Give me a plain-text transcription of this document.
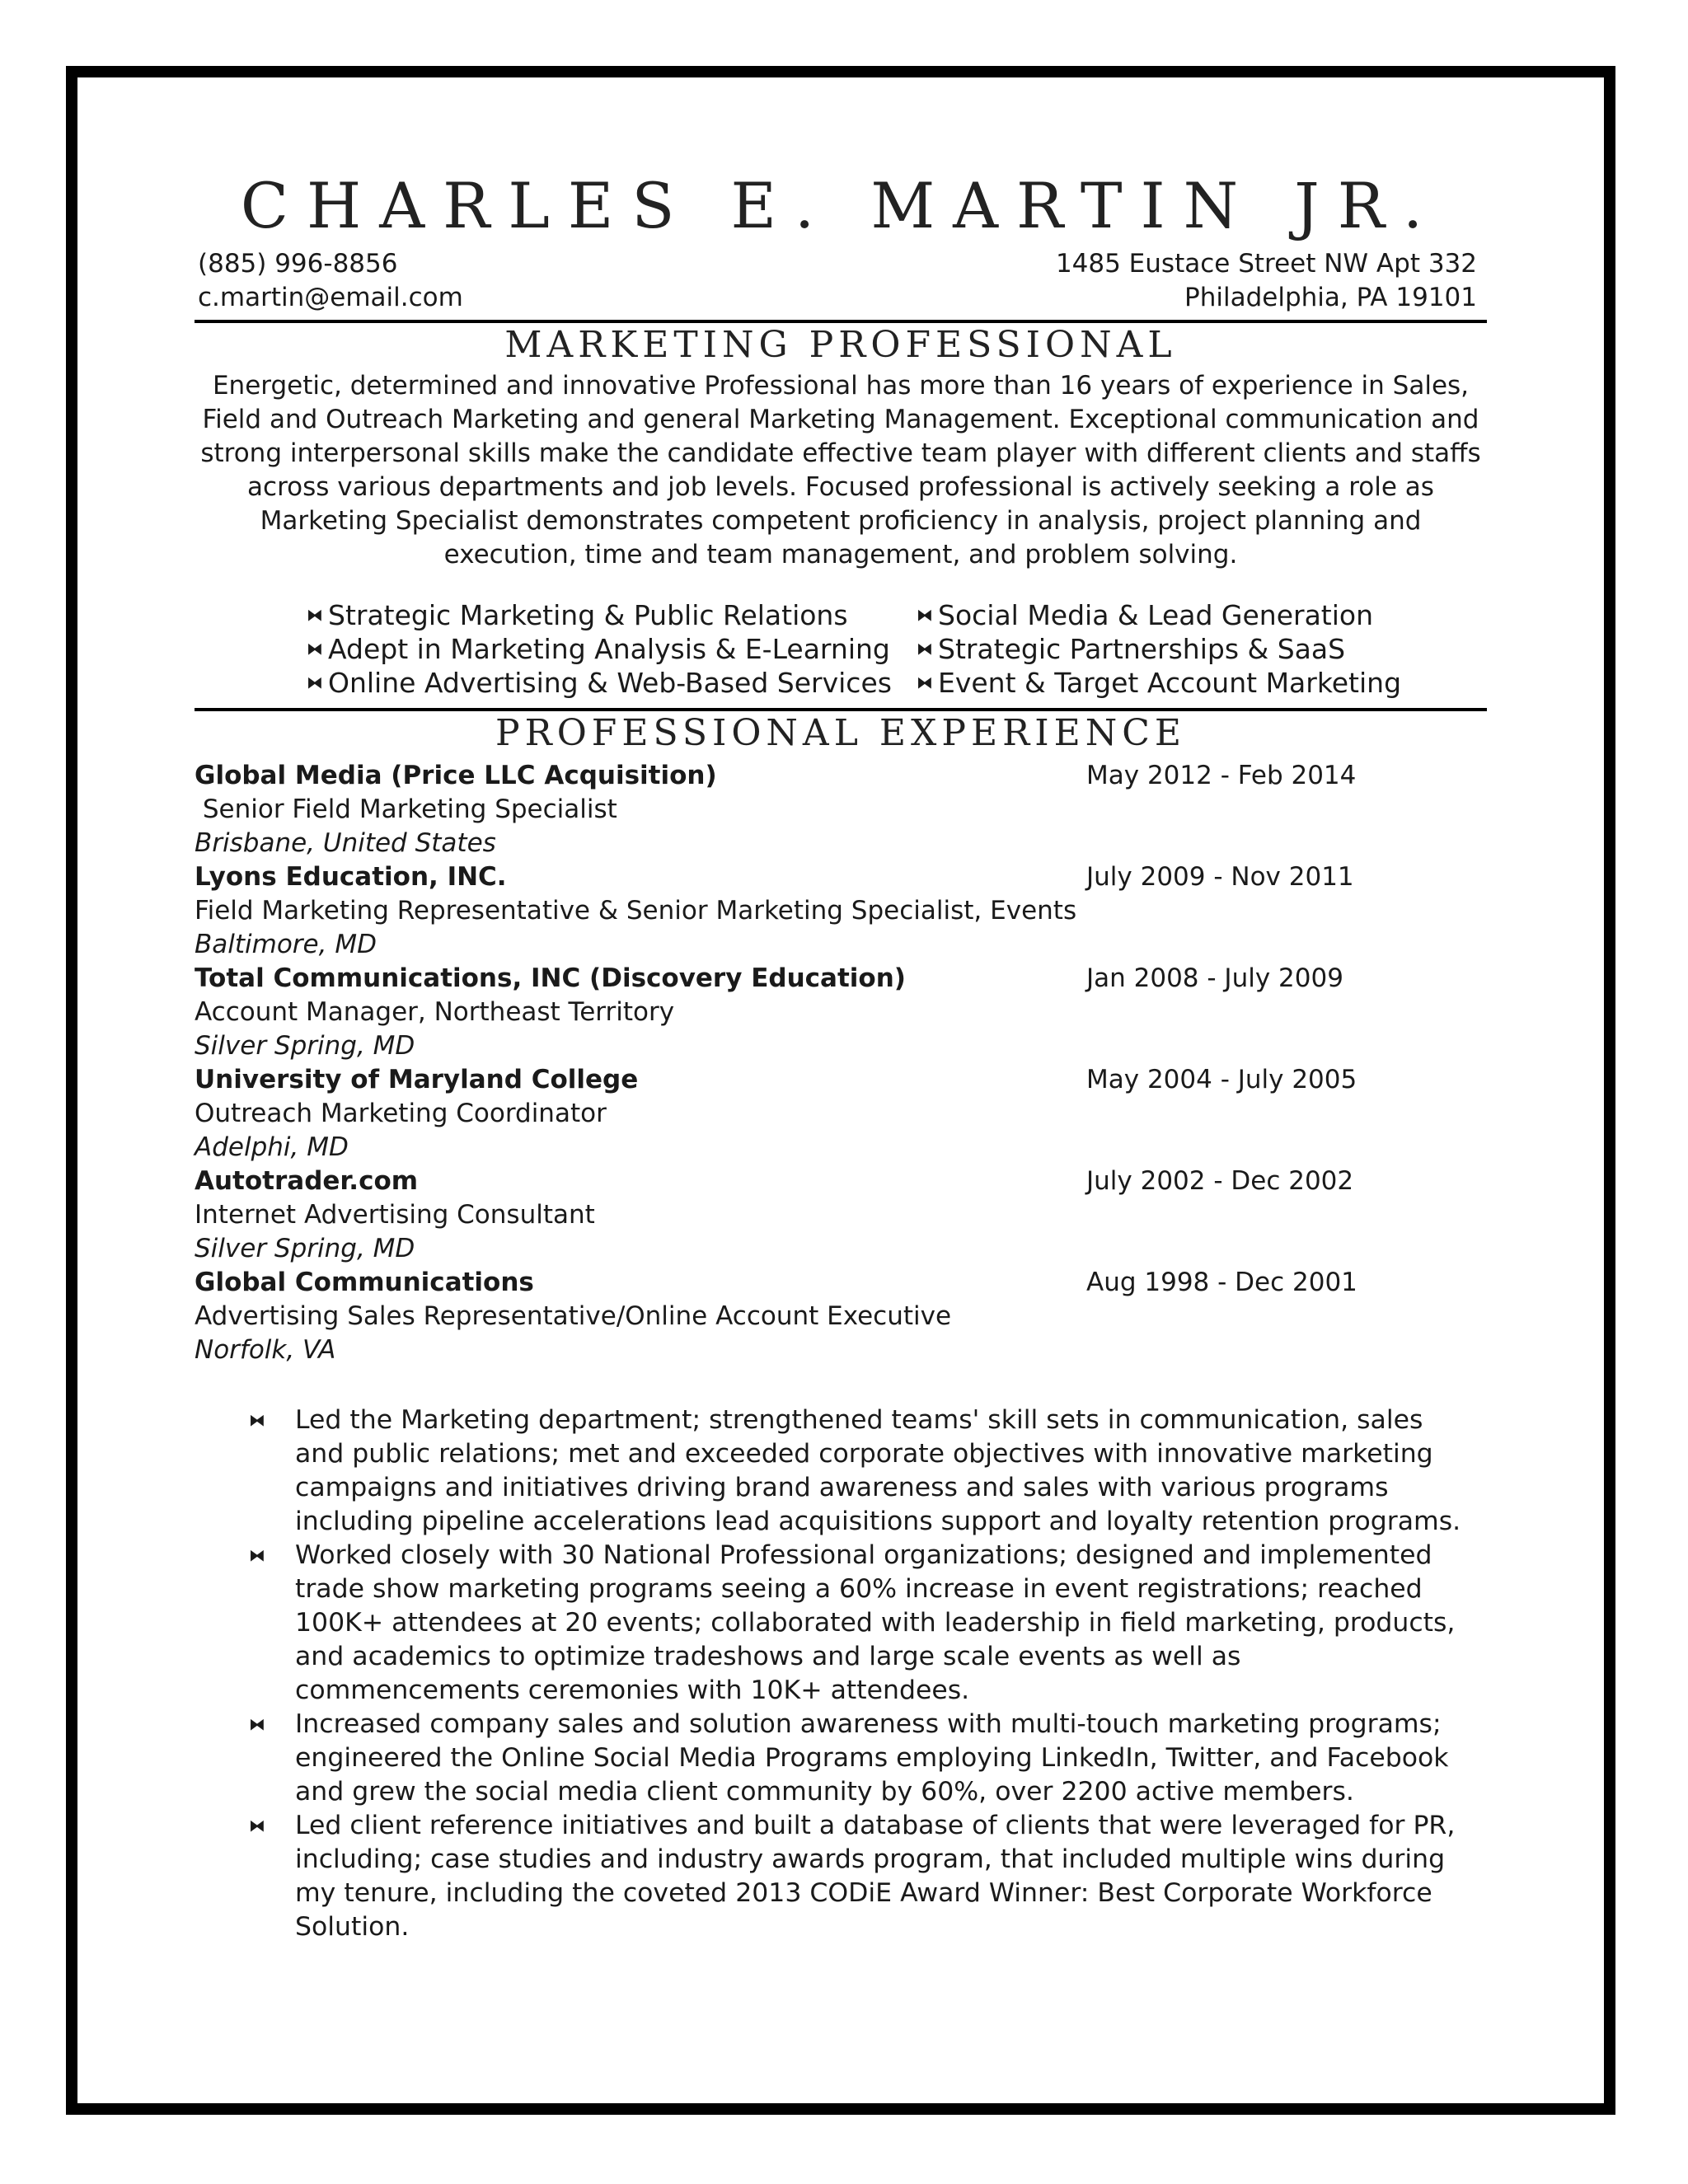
CHARLES E. MARTIN JR.
(885) 996-8856
c.martin@email.com
1485 Eustace Street NW Apt 332
Philadelphia, PA 19101
MARKETING PROFESSIONAL
Energetic, determined and innovative Professional has more than 16 years of experience in Sales, Field and Outreach Marketing and general Marketing Management. Exceptional communication and strong interpersonal skills make the candidate effective team player with different clients and staffs across various departments and job levels. Focused professional is actively seeking a role as Marketing Specialist demonstrates competent proficiency in analysis, project planning and execution, time and team management, and problem solving.
⧓ Strategic Marketing & Public Relations	⧓ Social Media & Lead Generation
⧓ Adept in Marketing Analysis & E-Learning	⧓ Strategic Partnerships & SaaS
⧓ Online Advertising & Web-Based Services	⧓ Event & Target Account Marketing
PROFESSIONAL EXPERIENCE
Global Media (Price LLC Acquisition)	May 2012 - Feb 2014
Senior Field Marketing Specialist
Brisbane, United States
Lyons Education, INC.	July 2009 - Nov 2011
Field Marketing Representative & Senior Marketing Specialist, Events
Baltimore, MD
Total Communications, INC (Discovery Education)	Jan 2008 - July 2009
Account Manager, Northeast Territory
Silver Spring, MD
University of Maryland College	May 2004 - July 2005
Outreach Marketing Coordinator
Adelphi, MD
Autotrader.com	July 2002 - Dec 2002
Internet Advertising Consultant
Silver Spring, MD
Global Communications	Aug 1998 - Dec 2001
Advertising Sales Representative/Online Account Executive
Norfolk, VA
⧓	Led the Marketing department; strengthened teams' skill sets in communication, sales and public relations; met and exceeded corporate objectives with innovative marketing campaigns and initiatives driving brand awareness and sales with various programs including pipeline accelerations lead acquisitions support and loyalty retention programs.
⧓	Worked closely with 30 National Professional organizations; designed and implemented trade show marketing programs seeing a 60% increase in event registrations; reached 100K+ attendees at 20 events; collaborated with leadership in field marketing, products, and academics to optimize tradeshows and large scale events as well as commencements ceremonies with 10K+ attendees.
⧓	Increased company sales and solution awareness with multi-touch marketing programs; engineered the Online Social Media Programs employing LinkedIn, Twitter, and Facebook and grew the social media client community by 60%, over 2200 active members.
⧓	Led client reference initiatives and built a database of clients that were leveraged for PR, including; case studies and industry awards program, that included multiple wins during my tenure, including the coveted 2013 CODiE Award Winner: Best Corporate Workforce Solution.
